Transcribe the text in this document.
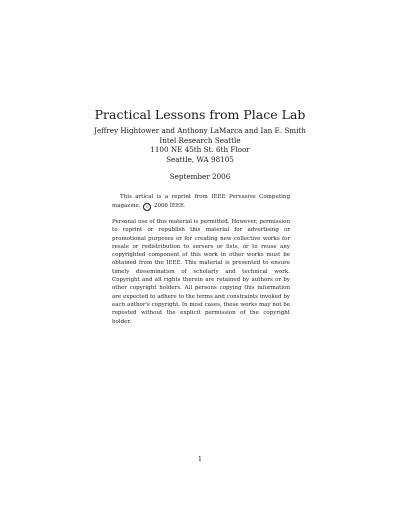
Practical Lessons from Place Lab
Jeffrey Hightower and Anthony LaMarca and Ian E. Smith
Intel Research Seattle
1100 NE 45th St. 6th Floor
Seattle, WA 98105
September 2006
This artical is a reprint from IEEE Pervasive Computing magazine. c 2006 IEEE.
Personal use of this material is permitted. However, permission to reprint or republish this material for advertising or promotional purposes or for creating new collective works for resale or redistribution to servers or lists, or to reuse any copyrighted component of this work in other works must be obtained from the IEEE. This material is presented to ensure timely dissemination of scholarly and technical work. Copyright and all rights therein are retained by authors or by other copyright holders. All persons copying this information are expected to adhere to the terms and constraints invoked by each author's copyright. In most cases, these works may not be reposted without the explicit permission of the copyright holder.
1
